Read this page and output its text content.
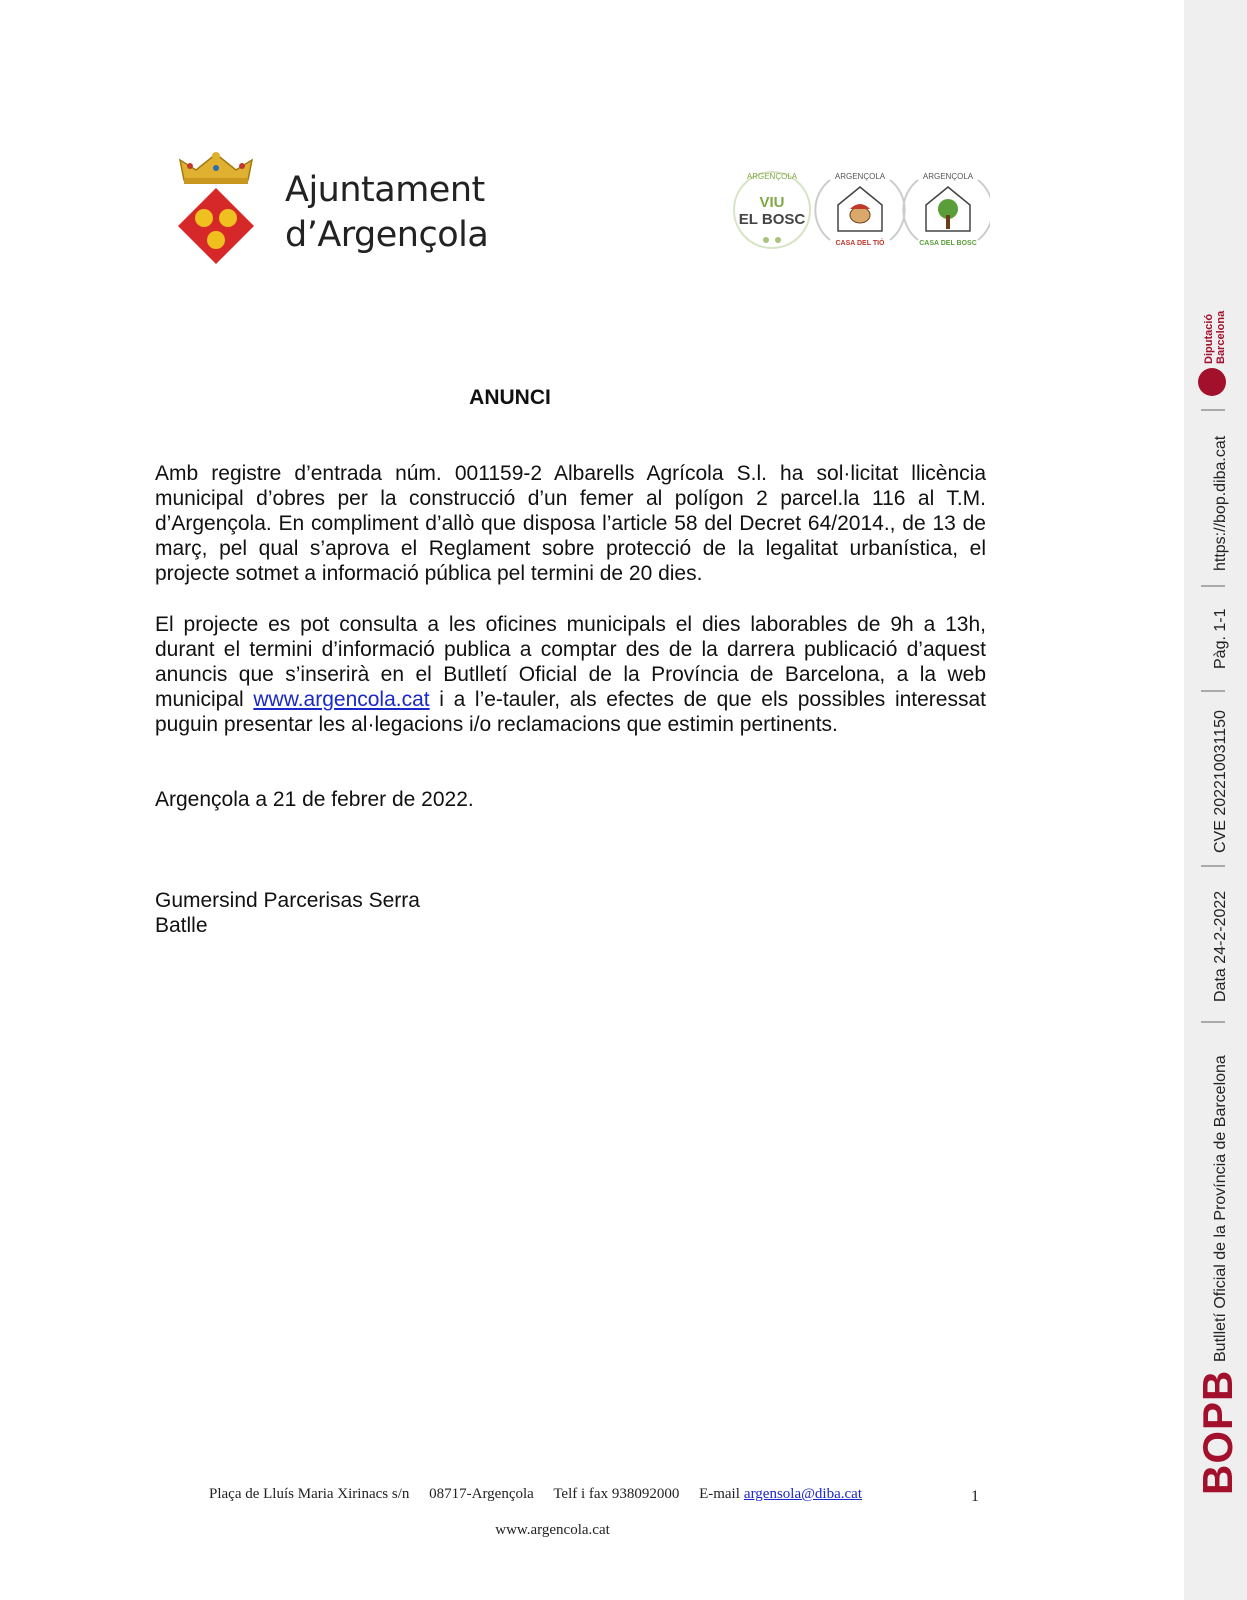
BOPB
Butlletí Oficial de la Província de Barcelona
Data 24-2-2022
CVE 202210031150
Pàg. 1-1
https://bop.diba.cat
Diputació Barcelona
Ajuntament
d’Argençola
ARGENÇOLA
VIU
EL BOSC
ARGENÇOLA
CASA DEL TIÓ
ARGENÇOLA
CASA DEL BOSC
ANUNCI

Amb registre d’entrada núm. 001159-2 Albarells Agrícola S.l. ha sol·licitat llicència municipal d’obres per la construcció d’un femer al polígon 2 parcel.la 116 al T.M. d’Argençola. En compliment d’allò que disposa l’article 58 del Decret 64/2014., de 13 de març, pel qual s’aprova el Reglament sobre protecció de la legalitat urbanística, el projecte sotmet a informació pública pel termini de 20 dies.

El projecte es pot consulta a les oficines municipals el dies laborables de 9h a 13h, durant el termini d’informació publica a comptar des de la darrera publicació d’aquest anuncis que s’inserirà en el Butlletí Oficial de la Província de Barcelona, a la web municipal www.argencola.cat i a l’e-tauler, als efectes de que els possibles interessat puguin presentar les al·legacions i/o reclamacions que estimin pertinents.

Argençola a 21 de febrer de 2022.
Gumersind Parcerisas Serra
Batlle
Plaça de Lluís Maria Xirinacs s/n 08717-Argençola Telf i fax 938092000 E-mail argensola@diba.cat	1
www.argencola.cat
